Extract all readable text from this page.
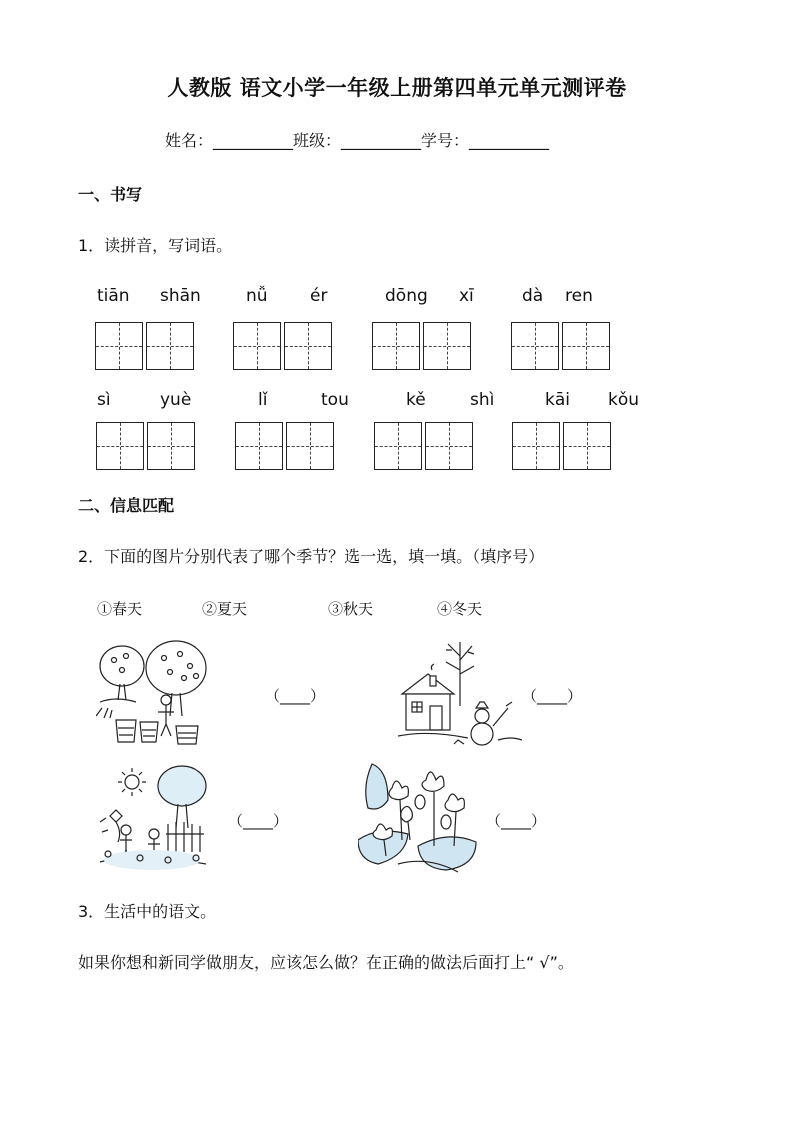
人教版 语文小学一年级上册第四单元单元测评卷
姓名：__________班级：__________学号：__________
一、书写
1．读拼音，写词语。
tiān shān	nǚ ér	dōng xī	dà ren
sì	yuè	lǐ	tou	kě	shì	kāi kǒu
二、信息匹配
2．下面的图片分别代表了哪个季节？选一选，填一填。（填序号）
①春天	②夏天	③秋天	④冬天
（____）	（____）
（____）	（____）
3．生活中的语文。
如果你想和新同学做朋友，应该怎么做？在正确的做法后面打上“ √”。
